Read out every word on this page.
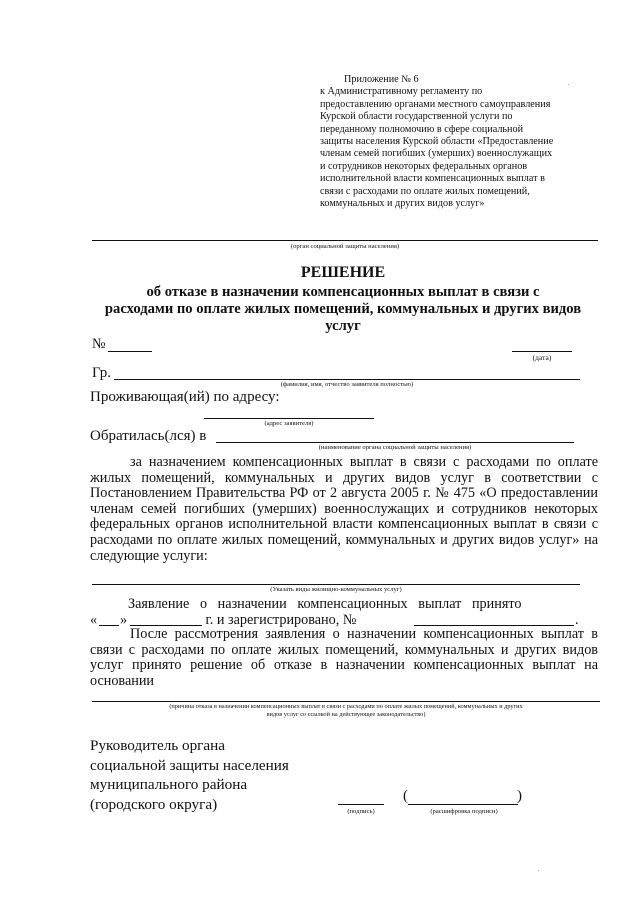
Приложение № 6
к Административному регламенту по
предоставлению органами местного самоуправления
Курской области государственной услуги по
переданному полномочию в сфере социальной
защиты населения Курской области «Предоставление
членам семей погибших (умерших) военнослужащих
и сотрудников некоторых федеральных органов
исполнительной власти компенсационных выплат в
связи с расходами по оплате жилых помещений,
коммунальных и других видов услуг»
(орган социальной защиты населения)
РЕШЕНИЕ
об отказе в назначении компенсационных выплат в связи с
расходами по оплате жилых помещений, коммунальных и других видов
услуг
№
(дата)
Гр.
(фамилия, имя, отчество заявителя полностью)
Проживающая(ий) по адресу:
(адрес заявителя)
Обратилась(лся) в
(наименование органа социальной защиты населения)
за назначением компенсационных выплат в связи с расходами по оплате жилых помещений, коммунальных и других видов услуг в соответствии с Постановлением Правительства РФ от 2 августа 2005 г. № 475 «О предоставлении членам семей погибших (умерших) военнослужащих и сотрудников некоторых федеральных органов исполнительной власти компенсационных выплат в связи с расходами по оплате жилых помещений, коммунальных и других видов услуг» на следующие услуги:
(Указать виды жилищно-коммунальных услуг)
Заявление   о   назначении   компенсационных   выплат   принято
« »	г. и зарегистрировано, №	.
После рассмотрения заявления о назначении компенсационных выплат в связи с расходами по оплате жилых помещений, коммунальных и других видов услуг принято решение об отказе в назначении компенсационных выплат на основании
(причина отказа в назначении компенсационных выплат в связи с расходами по оплате жилых помещений, коммунальных и других
видов услуг со ссылкой на действующее законодательство)
Руководитель органа
социальной защиты населения
муниципального района
(городского округа)	(подпись)
(	)
(расшифровка подписи)
